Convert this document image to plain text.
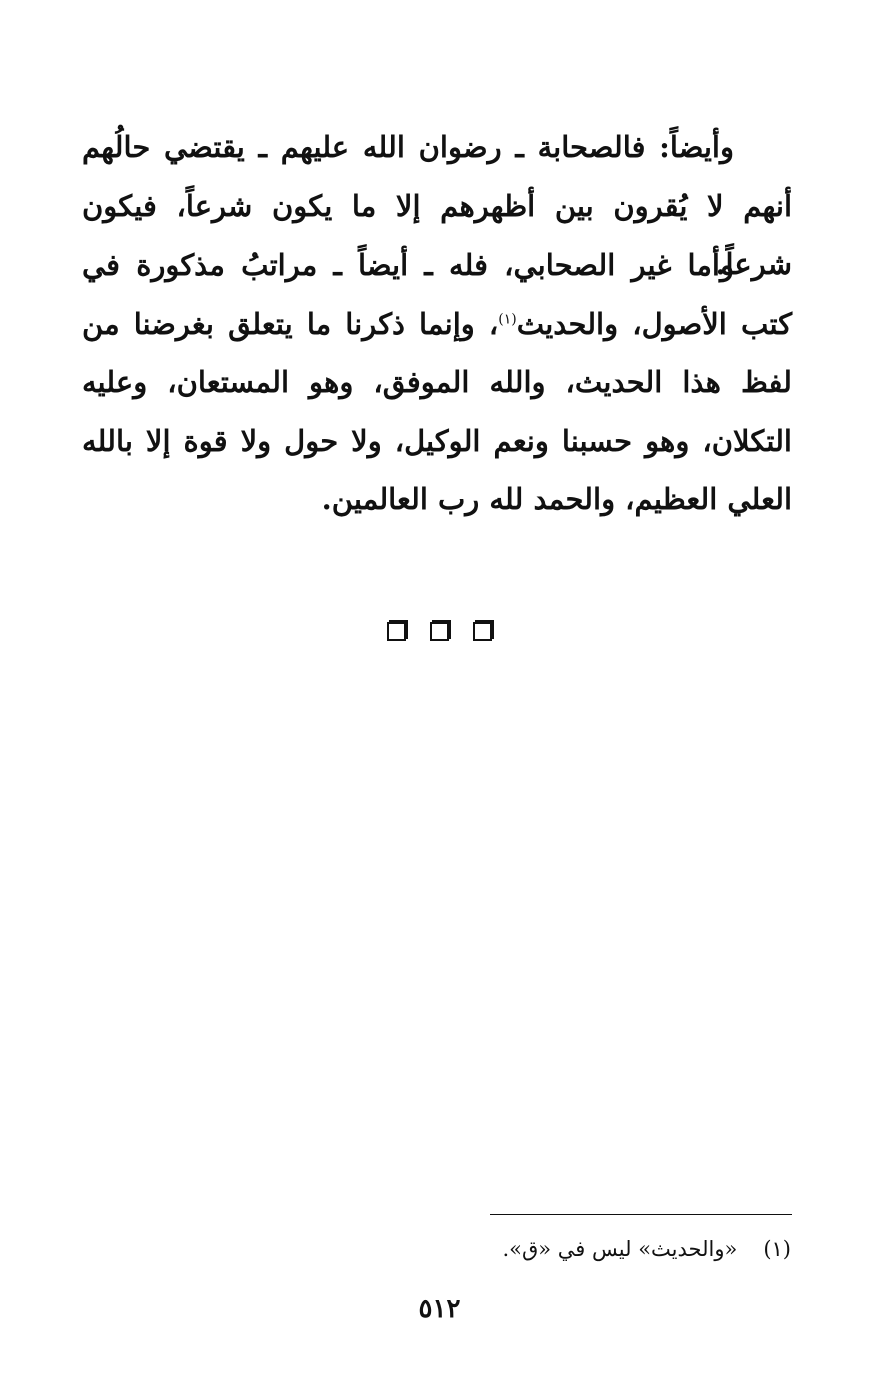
وأيضاً: فالصحابة ـ رضوان الله عليهم ـ يقتضي حالُهم أنهم لا يُقرون بين أظهرهم إلا ما يكون شرعاً، فيكون شرعاً.

وأما غير الصحابي، فله ـ أيضاً ـ مراتبُ مذكورة في كتب الأصول، والحديث$^{(١)}$، وإنما ذكرنا ما يتعلق بغرضنا من لفظ هذا الحديث، والله الموفق، وهو المستعان، وعليه التكلان، وهو حسبنا ونعم الوكيل، ولا حول ولا قوة إلا بالله العلي العظيم، والحمد لله رب العالمين.

(١)«والحديث» ليس في «ق».

٥١٢
